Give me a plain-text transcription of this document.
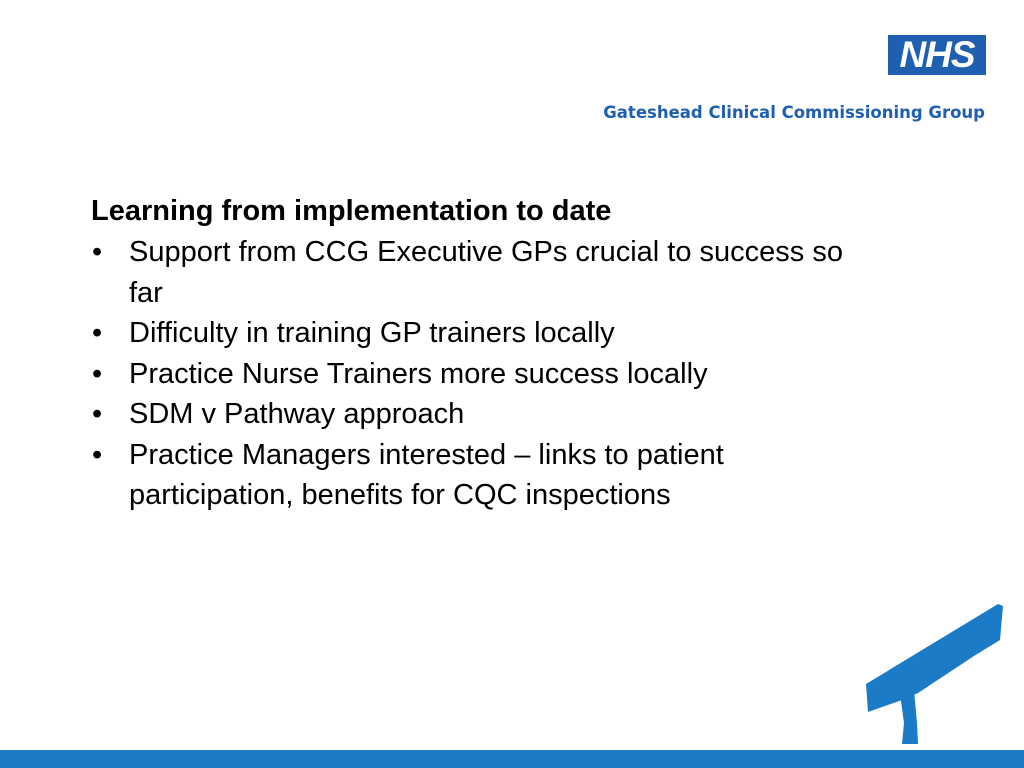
NHS
Gateshead Clinical Commissioning Group

Learning from implementation to date

• Support from CCG Executive GPs crucial to success so far
• Difficulty in training GP trainers locally
• Practice Nurse Trainers more success locally
• SDM v Pathway approach
• Practice Managers interested – links to patient participation, benefits for CQC inspections
